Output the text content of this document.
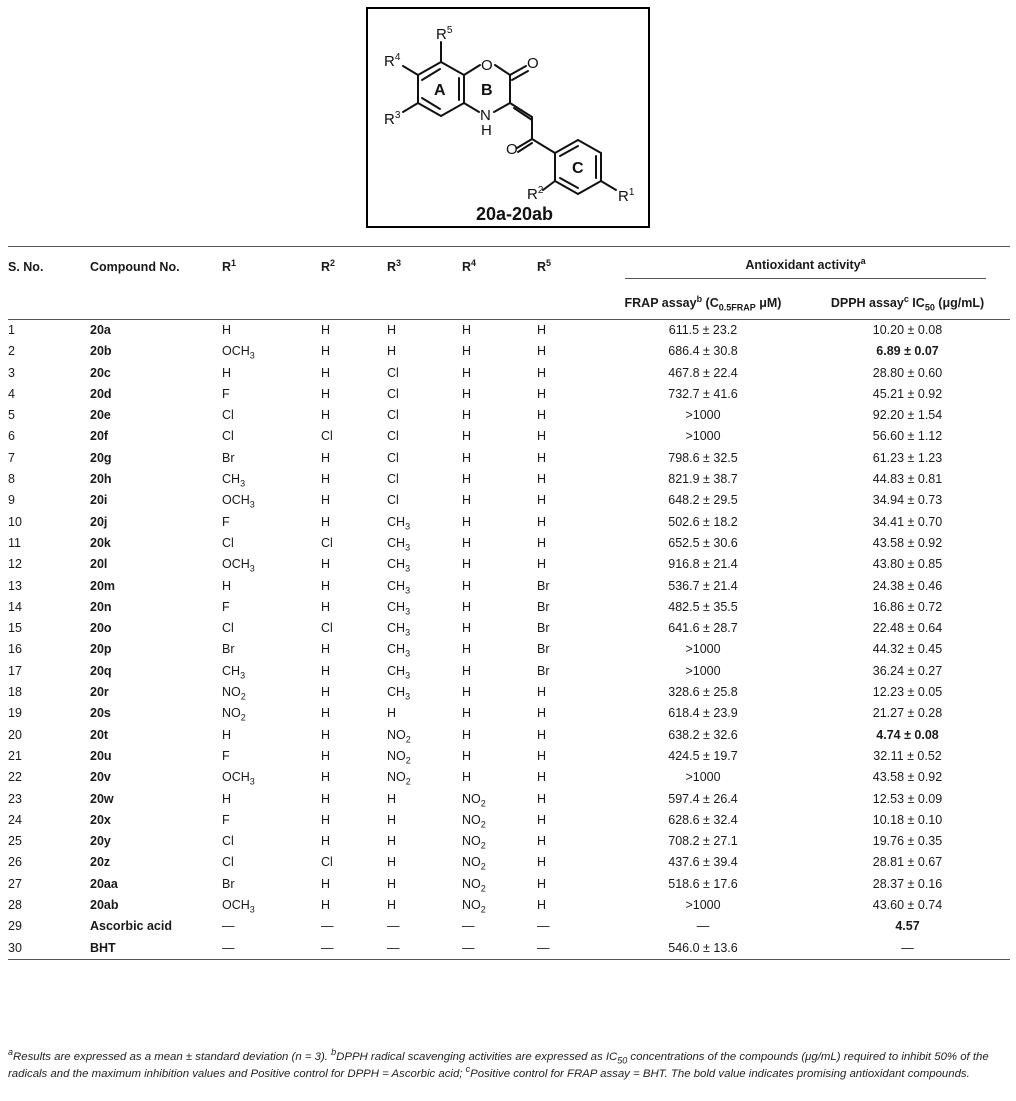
O O
N
H
O
A B
C
$R^5$
$R^4$
$R^3$
$R^2$	$R^1$
20a-20ab
S. No.	Compound No.	$R^1$	$R^2$	$R^3$	$R^4$	$R^5$	Antioxidant activity$^a$
							FRAP assay$^b$ ($C_{0.5FRAP}$ μM)	DPPH assay$^c$ $IC_{50}$ (μg/mL)
1	20a	H	H	H	H	H	611.5 ± 23.2	10.20 ± 0.08
2	20b	$OCH_3$	H	H	H	H	686.4 ± 30.8	6.89 ± 0.07
3	20c	H	H	Cl	H	H	467.8 ± 22.4	28.80 ± 0.60
4	20d	F	H	Cl	H	H	732.7 ± 41.6	45.21 ± 0.92
5	20e	Cl	H	Cl	H	H	>1000	92.20 ± 1.54
6	20f	Cl	Cl	Cl	H	H	>1000	56.60 ± 1.12
7	20g	Br	H	Cl	H	H	798.6 ± 32.5	61.23 ± 1.23
8	20h	$CH_3$	H	Cl	H	H	821.9 ± 38.7	44.83 ± 0.81
9	20i	$OCH_3$	H	Cl	H	H	648.2 ± 29.5	34.94 ± 0.73
10	20j	F	H	$CH_3$	H	H	502.6 ± 18.2	34.41 ± 0.70
11	20k	Cl	Cl	$CH_3$	H	H	652.5 ± 30.6	43.58 ± 0.92
12	20l	$OCH_3$	H	$CH_3$	H	H	916.8 ± 21.4	43.80 ± 0.85
13	20m	H	H	$CH_3$	H	Br	536.7 ± 21.4	24.38 ± 0.46
14	20n	F	H	$CH_3$	H	Br	482.5 ± 35.5	16.86 ± 0.72
15	20o	Cl	Cl	$CH_3$	H	Br	641.6 ± 28.7	22.48 ± 0.64
16	20p	Br	H	$CH_3$	H	Br	>1000	44.32 ± 0.45
17	20q	$CH_3$	H	$CH_3$	H	Br	>1000	36.24 ± 0.27
18	20r	$NO_2$	H	$CH_3$	H	H	328.6 ± 25.8	12.23 ± 0.05
19	20s	$NO_2$	H	H	H	H	618.4 ± 23.9	21.27 ± 0.28
20	20t	H	H	$NO_2$	H	H	638.2 ± 32.6	4.74 ± 0.08
21	20u	F	H	$NO_2$	H	H	424.5 ± 19.7	32.11 ± 0.52
22	20v	$OCH_3$	H	$NO_2$	H	H	>1000	43.58 ± 0.92
23	20w	H	H	H	$NO_2$	H	597.4 ± 26.4	12.53 ± 0.09
24	20x	F	H	H	$NO_2$	H	628.6 ± 32.4	10.18 ± 0.10
25	20y	Cl	H	H	$NO_2$	H	708.2 ± 27.1	19.76 ± 0.35
26	20z	Cl	Cl	H	$NO_2$	H	437.6 ± 39.4	28.81 ± 0.67
27	20aa	Br	H	H	$NO_2$	H	518.6 ± 17.6	28.37 ± 0.16
28	20ab	$OCH_3$	H	H	$NO_2$	H	>1000	43.60 ± 0.74
29	Ascorbic acid	—	—	—	—	—	—	4.57
30	BHT	—	—	—	—	—	546.0 ± 13.6	—
$^a$Results are expressed as a mean ± standard deviation (n = 3). $^b$DPPH radical scavenging activities are expressed as $IC_{50}$ concentrations of the compounds (μg/mL) required to inhibit 50% of the radicals and the maximum inhibition values and Positive control for DPPH = Ascorbic acid; $^c$Positive control for FRAP assay = BHT. The bold value indicates promising antioxidant compounds.
